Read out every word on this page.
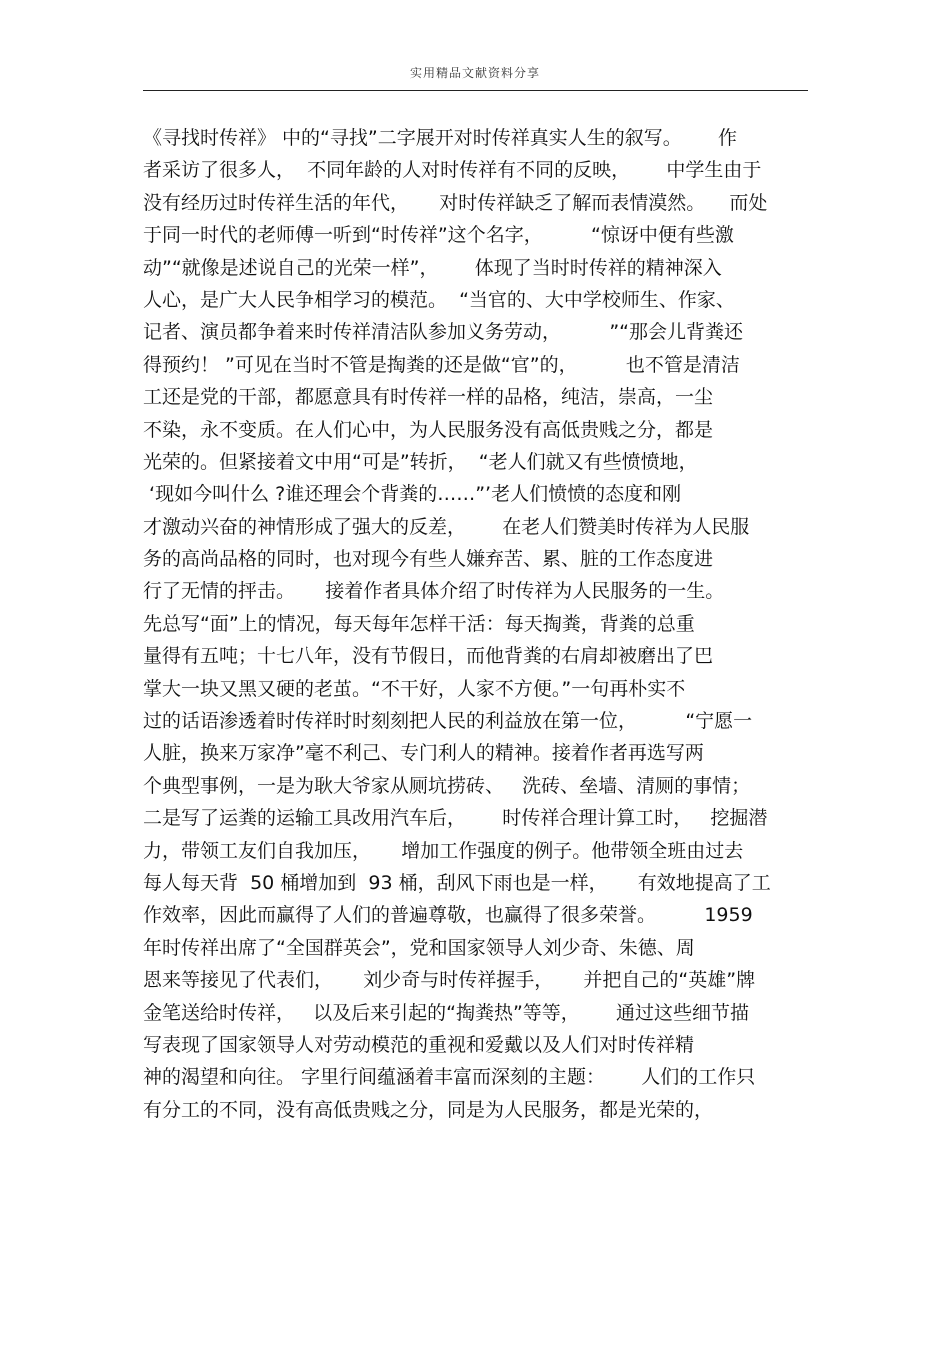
实用精品文献资料分享
《寻找时传祥》 中的“寻找”二字展开对时传祥真实人生的叙写。      作
者采访了很多人，  不同年龄的人对时传祥有不同的反映，      中学生由于
没有经历过时传祥生活的年代，     对时传祥缺乏了解而表情漠然。    而处
于同一时代的老师傅一听到“时传祥”这个名字，        “惊讶中便有些激
动”“就像是述说自己的光荣一样”，      体现了当时时传祥的精神深入
人心，是广大人民争相学习的模范。  “当官的、大中学校师生、作家、
记者、演员都争着来时传祥清洁队参加义务劳动，        ”“那会儿背粪还
得预约！ ”可见在当时不管是掏粪的还是做“官”的，        也不管是清洁
工还是党的干部，都愿意具有时传祥一样的品格，纯洁，崇高，一尘
不染，永不变质。在人们心中，为人民服务没有高低贵贱之分，都是
光荣的。但紧接着文中用“可是”转折，  “老人们就又有些愤愤地，
‘现如今叫什么 ?谁还理会个背粪的……”’老人们愤愤的态度和刚
才激动兴奋的神情形成了强大的反差，      在老人们赞美时传祥为人民服
务的高尚品格的同时，也对现今有些人嫌弃苦、累、脏的工作态度进
行了无情的抨击。     接着作者具体介绍了时传祥为人民服务的一生。
先总写“面”上的情况，每天每年怎样干活：每天掏粪，背粪的总重
量得有五吨；十七八年，没有节假日，而他背粪的右肩却被磨出了巴
掌大一块又黑又硬的老茧。“不干好，人家不方便。”一句再朴实不
过的话语渗透着时传祥时时刻刻把人民的利益放在第一位，        “宁愿一
人脏，换来万家净”毫不利己、专门利人的精神。接着作者再选写两
个典型事例，一是为耿大爷家从厕坑捞砖、   洗砖、垒墙、清厕的事情；
二是写了运粪的运输工具改用汽车后，      时传祥合理计算工时，   挖掘潜
力，带领工友们自我加压，     增加工作强度的例子。他带领全班由过去
每人每天背  50 桶增加到  93 桶，刮风下雨也是一样，     有效地提高了工
作效率，因此而赢得了人们的普遍尊敬，也赢得了很多荣誉。        1959
年时传祥出席了“全国群英会”，党和国家领导人刘少奇、朱德、周
恩来等接见了代表们，     刘少奇与时传祥握手，     并把自己的“英雄”牌
金笔送给时传祥，   以及后来引起的“掏粪热”等等，      通过这些细节描
写表现了国家领导人对劳动模范的重视和爱戴以及人们对时传祥精
神的渴望和向往。 字里行间蕴涵着丰富而深刻的主题：      人们的工作只
有分工的不同，没有高低贵贱之分，同是为人民服务，都是光荣的，
